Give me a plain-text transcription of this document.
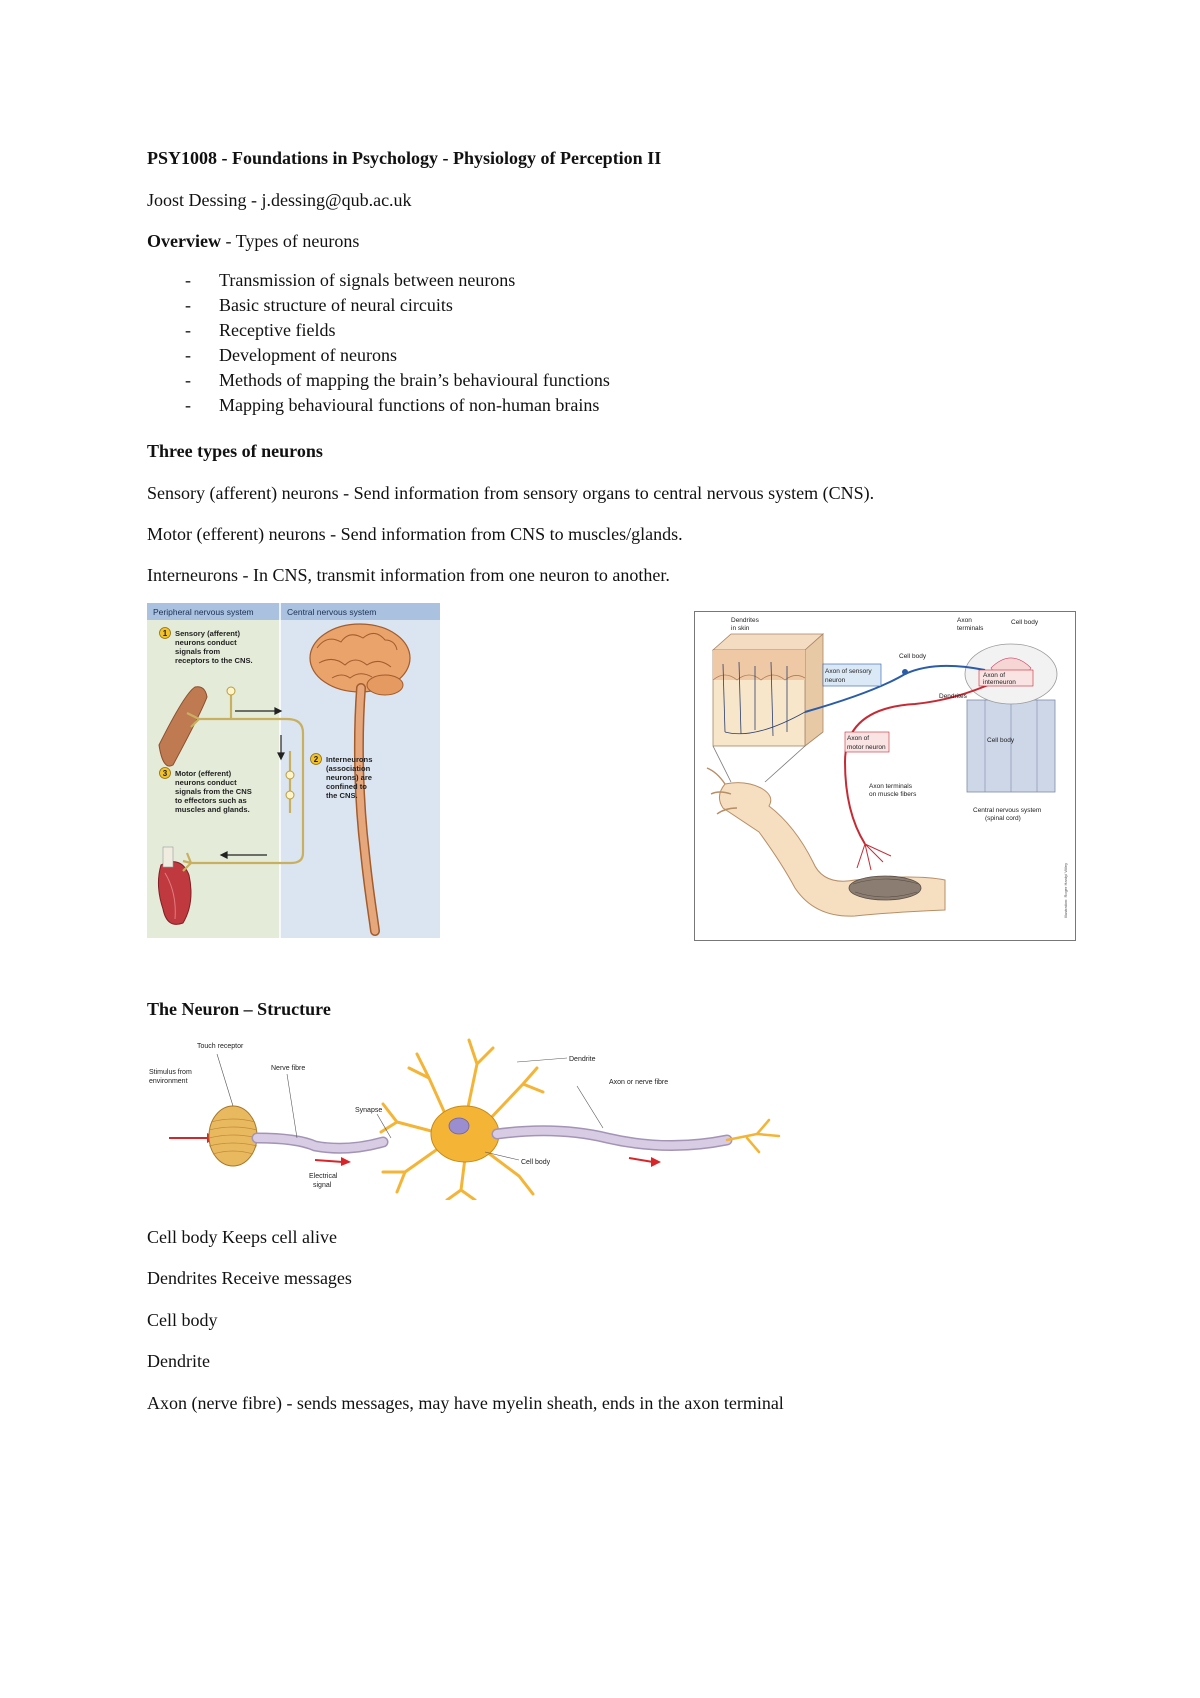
PSY1008 - Foundations in Psychology - Physiology of Perception II
Joost Dessing - j.dessing@qub.ac.uk
Overview - Types of neurons
- Transmission of signals between neurons
- Basic structure of neural circuits
- Receptive fields
- Development of neurons
- Methods of mapping the brain’s behavioural functions
- Mapping behavioural functions of non-human brains
Three types of neurons
Sensory (afferent) neurons - Send information from sensory organs to central nervous system (CNS).
Motor (efferent) neurons - Send information from CNS to muscles/glands.
Interneurons - In CNS, transmit information from one neuron to another.
Peripheral nervous system	Central nervous system
1
3
2
Sensory (afferent)
neurons conduct
signals from
receptors to the CNS.
Motor (efferent)
neurons conduct
signals from the CNS
to effectors such as
muscles and glands.
Interneurons
(association
neurons) are
confined to
the CNS.
Dendrites
in skin
Axon
terminals
Cell body
Cell body
Axon of sensory
neuron
Dendrites
Axon of
interneuron
Cell body
Axon of
motor neuron
Axon terminals
on muscle fibers
Central nervous system
(spinal cord)
Illustration: Roger Hardy/ Wiley
The Neuron – Structure
Touch receptor
Stimulus from
environment
Nerve fibre
Synapse
Electrical
signal
Dendrite
Axon or nerve fibre
Cell body
Cell body Keeps cell alive
Dendrites Receive messages
Cell body
Dendrite
Axon (nerve fibre) - sends messages, may have myelin sheath, ends in the axon terminal
